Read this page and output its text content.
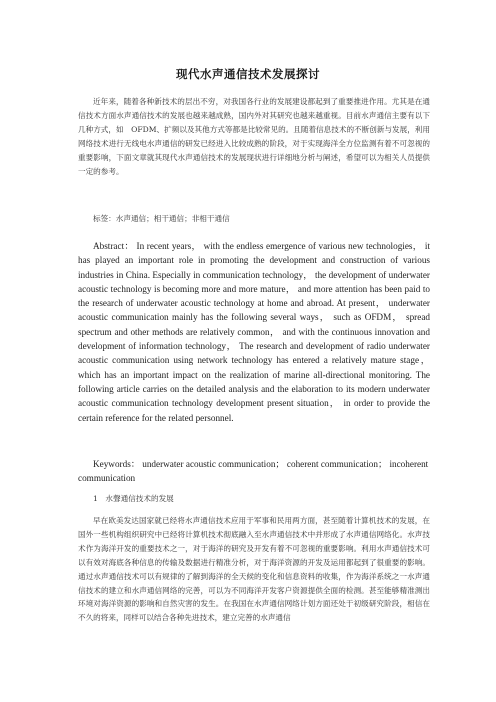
现代水声通信技术发展探讨

近年来，随着各种新技术的层出不穷，对我国各行业的发展建设都起到了重要推进作用。尤其是在通信技术方面水声通信技术的发展也越来越成熟，国内外对其研究也越来越重视。目前水声通信主要有以下几种方式，如　OFDM、扩频以及其他方式等都是比较常见的。且随着信息技术的不断创新与发展，利用网络技术进行无线电水声通信的研发已经进入比较成熟的阶段，对于实现海洋全方位监测有着不可忽视的重要影响，下面文章就其现代水声通信技术的发展现状进行详细地分析与阐述，希望可以为相关人员提供一定的参考。

标签：水声通信；相干通信；非相干通信

Abstract： In recent years， with the endless emergence of various new technologies， it has played an important role in promoting the development and construction of various industries in China. Especially in communication technology， the development of underwater acoustic technology is becoming more and more mature， and more attention has been paid to the research of underwater acoustic technology at home and abroad. At present， underwater acoustic communication mainly has the following several ways， such as OFDM， spread spectrum and other methods are relatively common， and with the continuous innovation and development of information technology， The research and development of radio underwater acoustic communication using network technology has entered a relatively mature stage， which has an important impact on the realization of marine all-directional monitoring. The following article carries on the detailed analysis and the elaboration to its modern underwater acoustic communication technology development present situation， in order to provide the certain reference for the related personnel.

Keywords： underwater acoustic communication； coherent communication； incoherent communication

1　水聲通信技术的发展

早在欧美发达国家就已经将水声通信技术应用于军事和民用两方面，甚至随着计算机技术的发展，在国外一些机构组织研究中已经将计算机技术彻底融入至水声通信技术中并形成了水声通信网络化。水声技术作为海洋开发的重要技术之一，对于海洋的研究及开发有着不可忽视的重要影响。利用水声通信技术可以有效对海底各种信息的传输及数据进行精准分析，对于海洋资源的开发及运用都起到了很重要的影响。通过水声通信技术可以有规律的了解到海洋的全天候的变化和信息资料的收集，作为海洋系统之一水声通信技术的建立和水声通信网络的完善，可以为不同海洋开发客户资源提供全面的检测。甚至能够精准测出环境对海洋资源的影响和自然灾害的发生。在我国在水声通信网络计划方面还处于初级研究阶段，相信在不久的将来，同样可以结合各种先进技术，建立完善的水声通信
